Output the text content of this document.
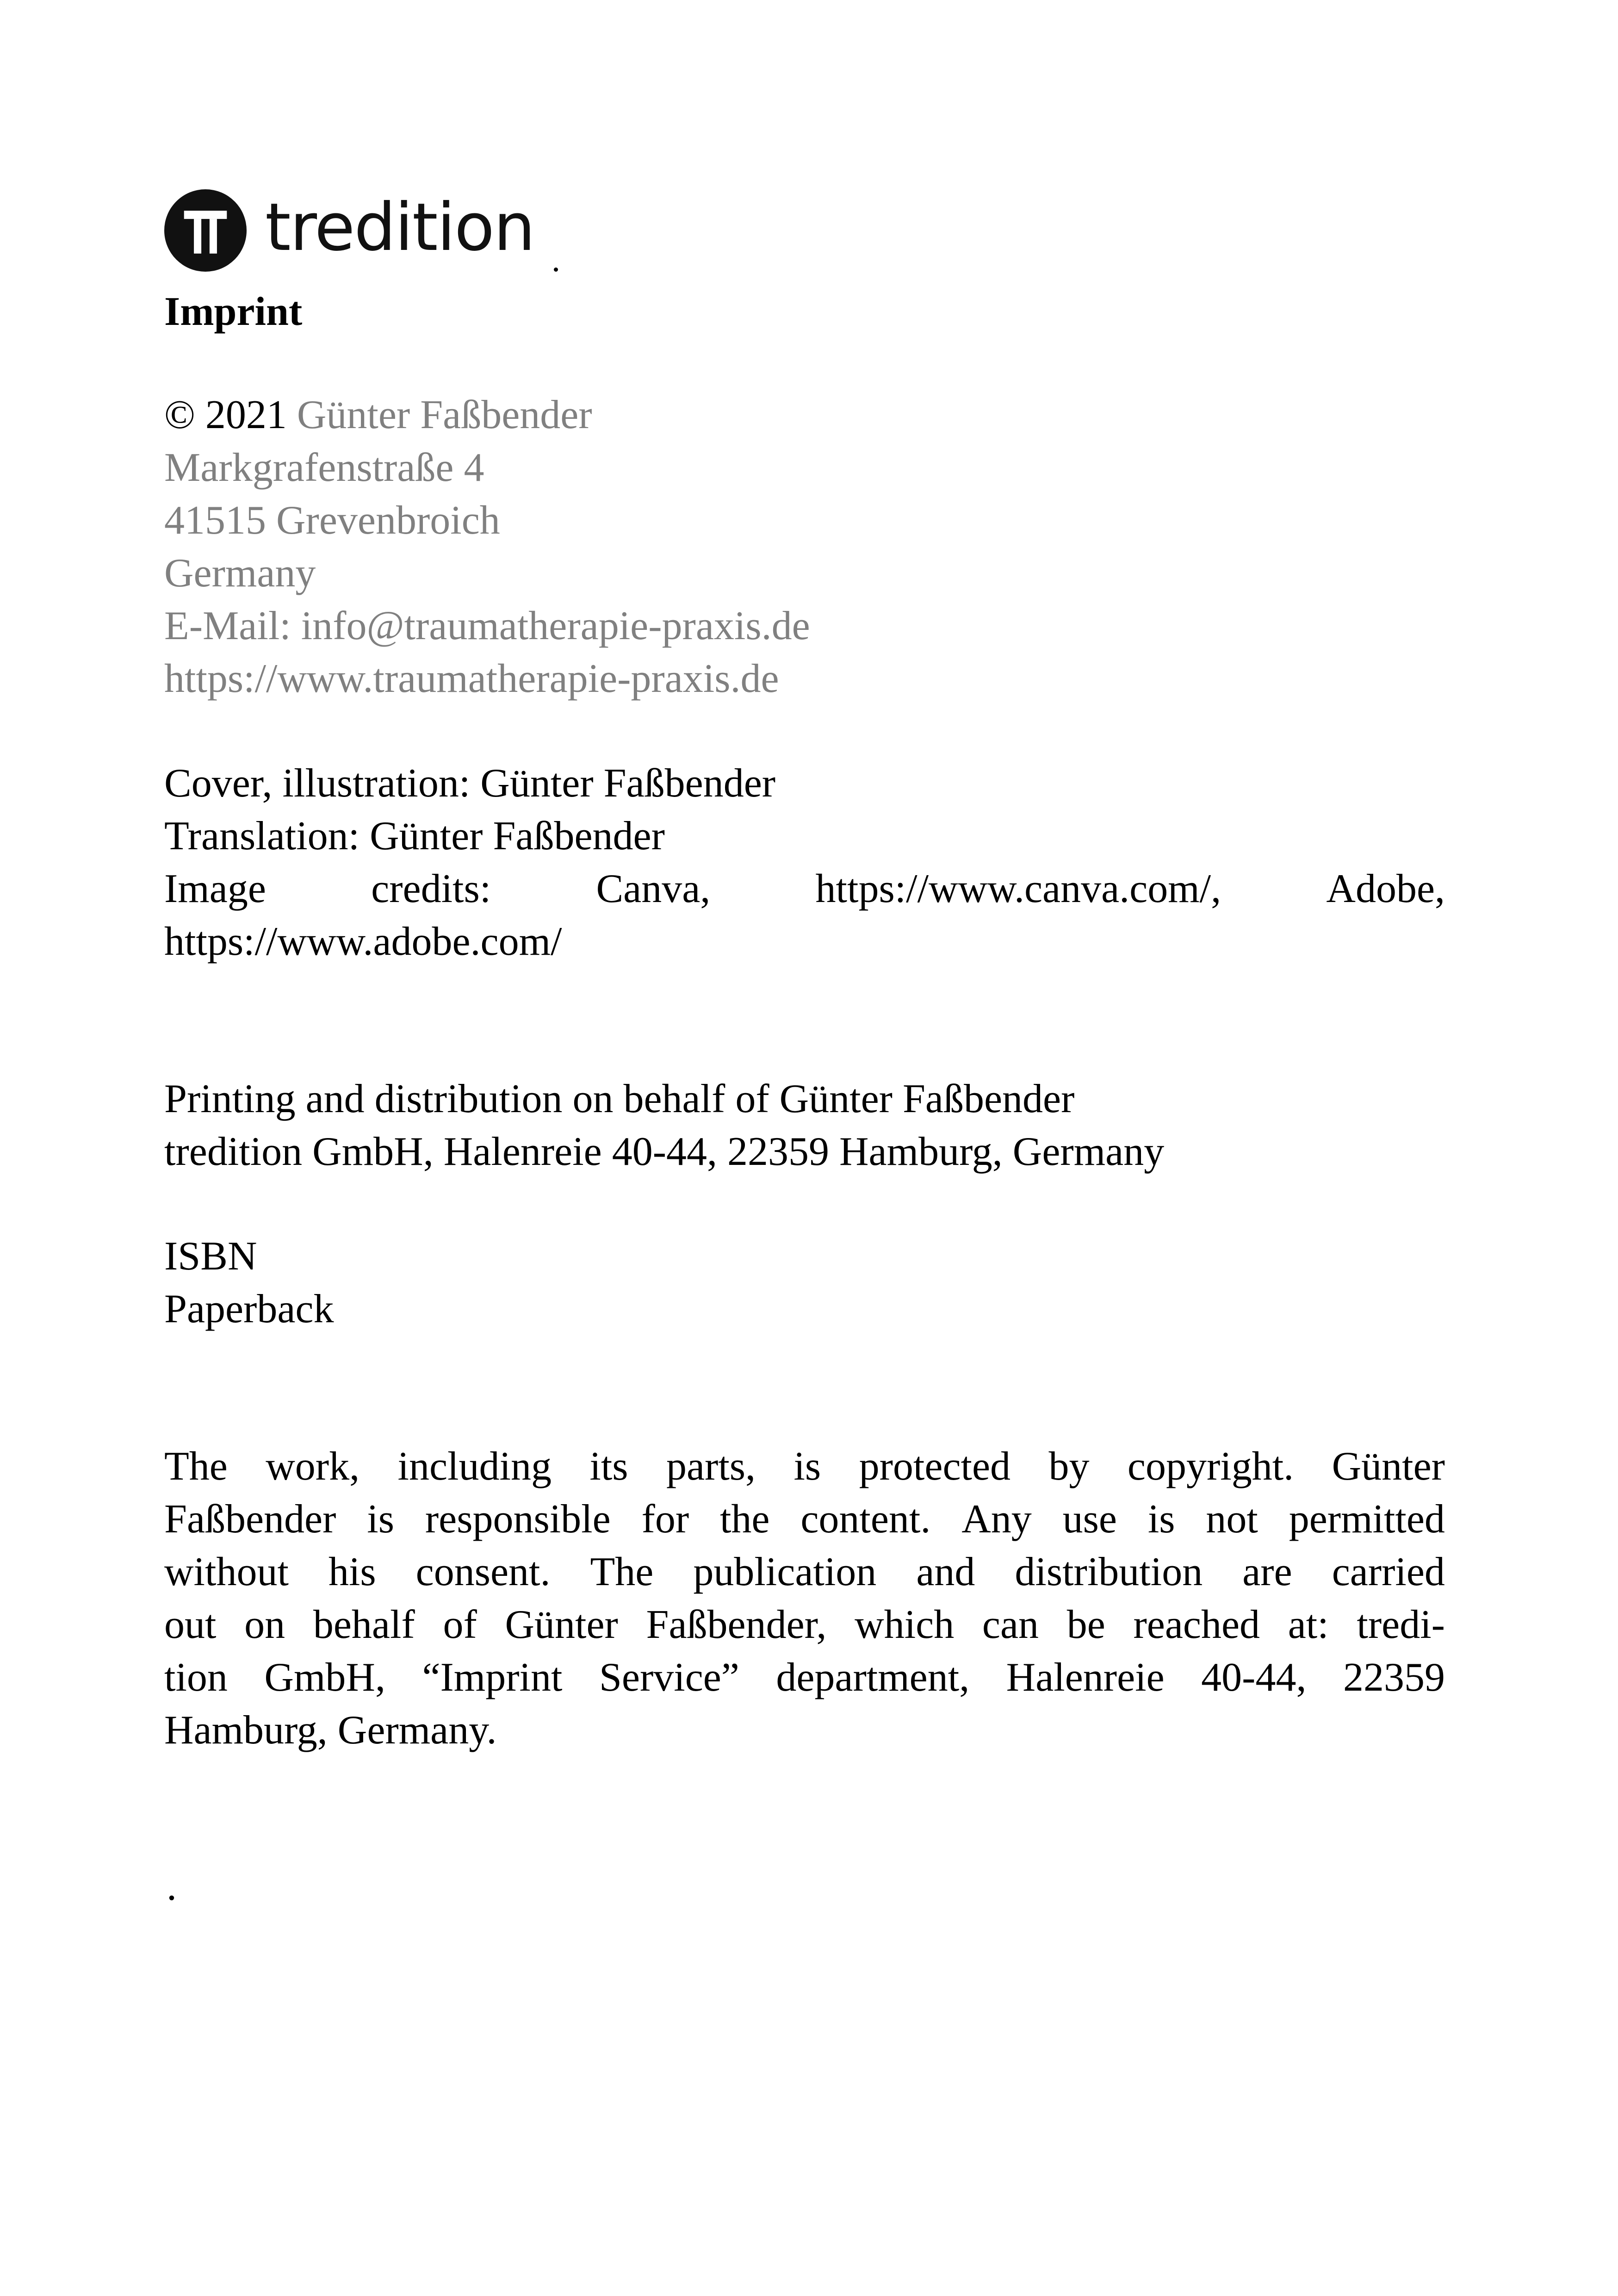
tredition
Imprint
© 2021 Günter Faßbender
Markgrafenstraße 4
41515 Grevenbroich
Germany
E-Mail: info@traumatherapie-praxis.de
https://www.traumatherapie-praxis.de
Cover, illustration: Günter Faßbender
Translation: Günter Faßbender
Image	credits:	Canva,	https://www.canva.com/,	Adobe,
https://www.adobe.com/
Printing and distribution on behalf of Günter Faßbender
tredition GmbH, Halenreie 40-44, 22359 Hamburg, Germany
ISBN
Paperback
The work, including its parts, is protected by copyright. Günter
Faßbender is responsible for the content. Any use is not permitted
without his consent. The publication and distribution are carried
out on behalf of Günter Faßbender, which can be reached at: tredi-
tion GmbH, “Imprint Service” department, Halenreie 40-44, 22359
Hamburg, Germany.
.
